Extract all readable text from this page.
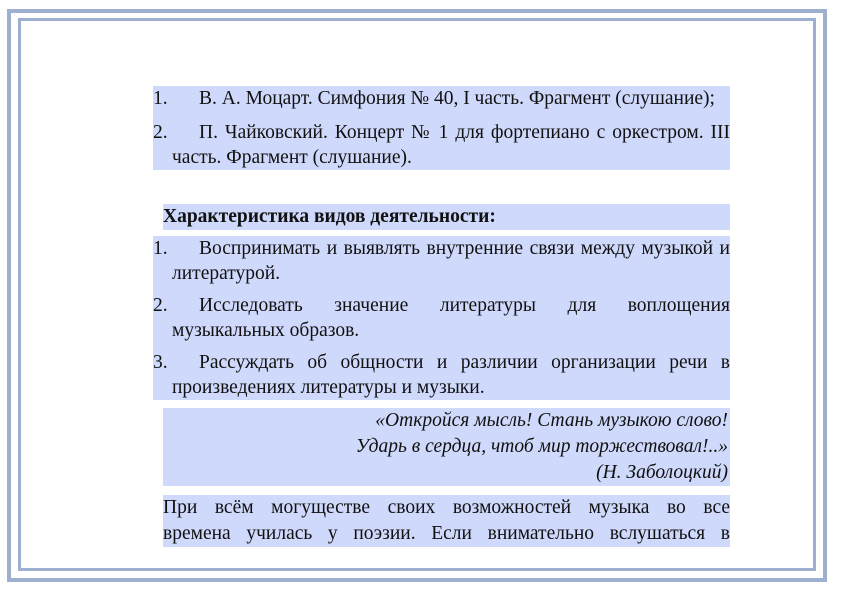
1.	В. А. Моцарт. Симфония № 40, I часть. Фрагмент (слушание);
2.	П. Чайковский. Концерт № 1 для фортепиано с оркестром. III часть. Фрагмент (слушание).
Характеристика видов деятельности:
1.	Воспринимать и выявлять внутренние связи между музыкой и литературой.
2.	Исследовать значение литературы для воплощения музыкальных образов.
3.	Рассуждать об общности и различии организации речи в произведениях литературы и музыки.
«Откройся мысль! Стань музыкою слово!
Ударь в сердца, чтоб мир торжествовал!..»
(Н. Заболоцкий)
При всём могуществе своих возможностей музыка во все
времена училась у поэзии. Если внимательно вслушаться в
